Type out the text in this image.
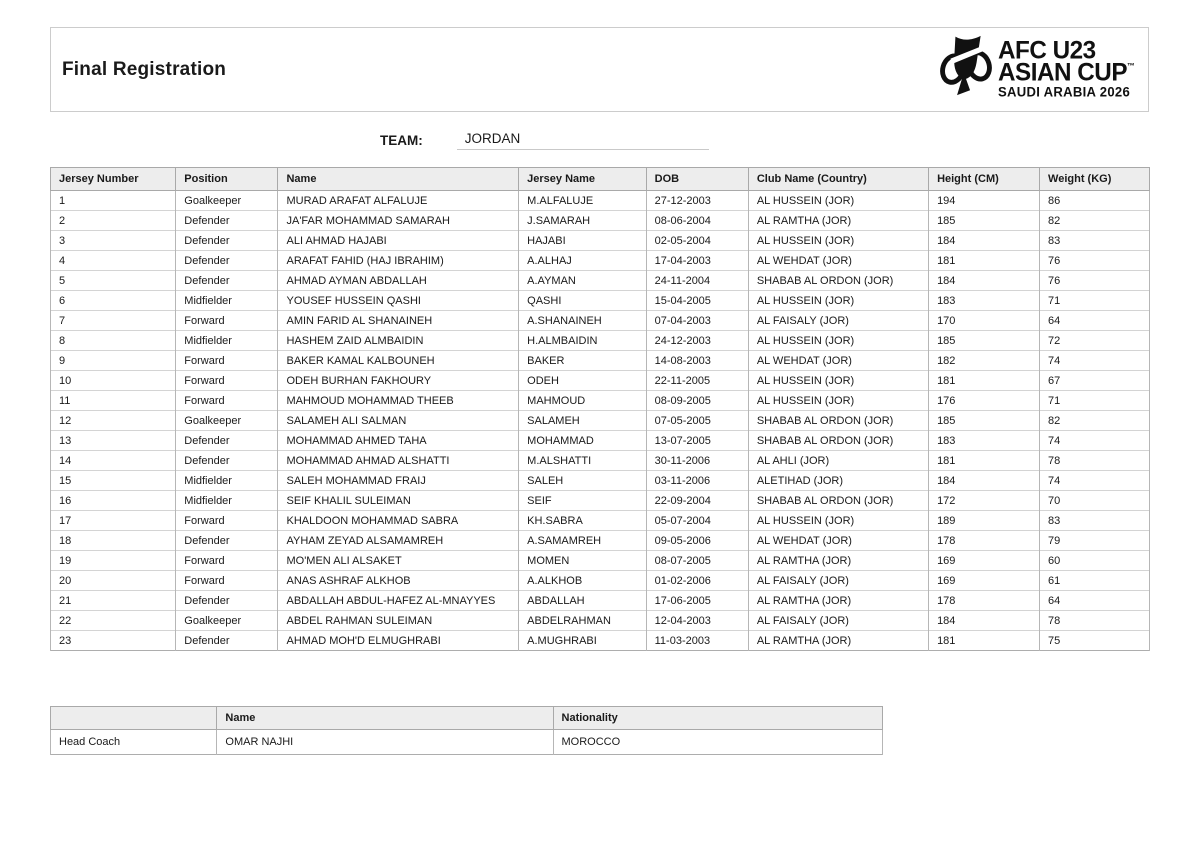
Final Registration
AFC U23
ASIAN CUP™
SAUDI ARABIA 2026
TEAM:	JORDAN
Jersey Number	Position	Name	Jersey Name	DOB	Club Name (Country)	Height (CM)	Weight (KG)
1	Goalkeeper	MURAD ARAFAT ALFALUJE	M.ALFALUJE	27-12-2003	AL HUSSEIN (JOR)	194	86
2	Defender	JA'FAR MOHAMMAD SAMARAH	J.SAMARAH	08-06-2004	AL RAMTHA (JOR)	185	82
3	Defender	ALI AHMAD HAJABI	HAJABI	02-05-2004	AL HUSSEIN (JOR)	184	83
4	Defender	ARAFAT FAHID (HAJ IBRAHIM)	A.ALHAJ	17-04-2003	AL WEHDAT (JOR)	181	76
5	Defender	AHMAD AYMAN ABDALLAH	A.AYMAN	24-11-2004	SHABAB AL ORDON (JOR)	184	76
6	Midfielder	YOUSEF HUSSEIN QASHI	QASHI	15-04-2005	AL HUSSEIN (JOR)	183	71
7	Forward	AMIN FARID AL SHANAINEH	A.SHANAINEH	07-04-2003	AL FAISALY (JOR)	170	64
8	Midfielder	HASHEM ZAID ALMBAIDIN	H.ALMBAIDIN	24-12-2003	AL HUSSEIN (JOR)	185	72
9	Forward	BAKER KAMAL KALBOUNEH	BAKER	14-08-2003	AL WEHDAT (JOR)	182	74
10	Forward	ODEH BURHAN FAKHOURY	ODEH	22-11-2005	AL HUSSEIN (JOR)	181	67
11	Forward	MAHMOUD MOHAMMAD THEEB	MAHMOUD	08-09-2005	AL HUSSEIN (JOR)	176	71
12	Goalkeeper	SALAMEH ALI SALMAN	SALAMEH	07-05-2005	SHABAB AL ORDON (JOR)	185	82
13	Defender	MOHAMMAD AHMED TAHA	MOHAMMAD	13-07-2005	SHABAB AL ORDON (JOR)	183	74
14	Defender	MOHAMMAD AHMAD ALSHATTI	M.ALSHATTI	30-11-2006	AL AHLI (JOR)	181	78
15	Midfielder	SALEH MOHAMMAD FRAIJ	SALEH	03-11-2006	ALETIHAD (JOR)	184	74
16	Midfielder	SEIF KHALIL SULEIMAN	SEIF	22-09-2004	SHABAB AL ORDON (JOR)	172	70
17	Forward	KHALDOON MOHAMMAD SABRA	KH.SABRA	05-07-2004	AL HUSSEIN (JOR)	189	83
18	Defender	AYHAM ZEYAD ALSAMAMREH	A.SAMAMREH	09-05-2006	AL WEHDAT (JOR)	178	79
19	Forward	MO'MEN ALI ALSAKET	MOMEN	08-07-2005	AL RAMTHA (JOR)	169	60
20	Forward	ANAS ASHRAF ALKHOB	A.ALKHOB	01-02-2006	AL FAISALY (JOR)	169	61
21	Defender	ABDALLAH ABDUL-HAFEZ AL-MNAYYES	ABDALLAH	17-06-2005	AL RAMTHA (JOR)	178	64
22	Goalkeeper	ABDEL RAHMAN SULEIMAN	ABDELRAHMAN	12-04-2003	AL FAISALY (JOR)	184	78
23	Defender	AHMAD MOH'D ELMUGHRABI	A.MUGHRABI	11-03-2003	AL RAMTHA (JOR)	181	75
	Name	Nationality
Head Coach	OMAR NAJHI	MOROCCO
